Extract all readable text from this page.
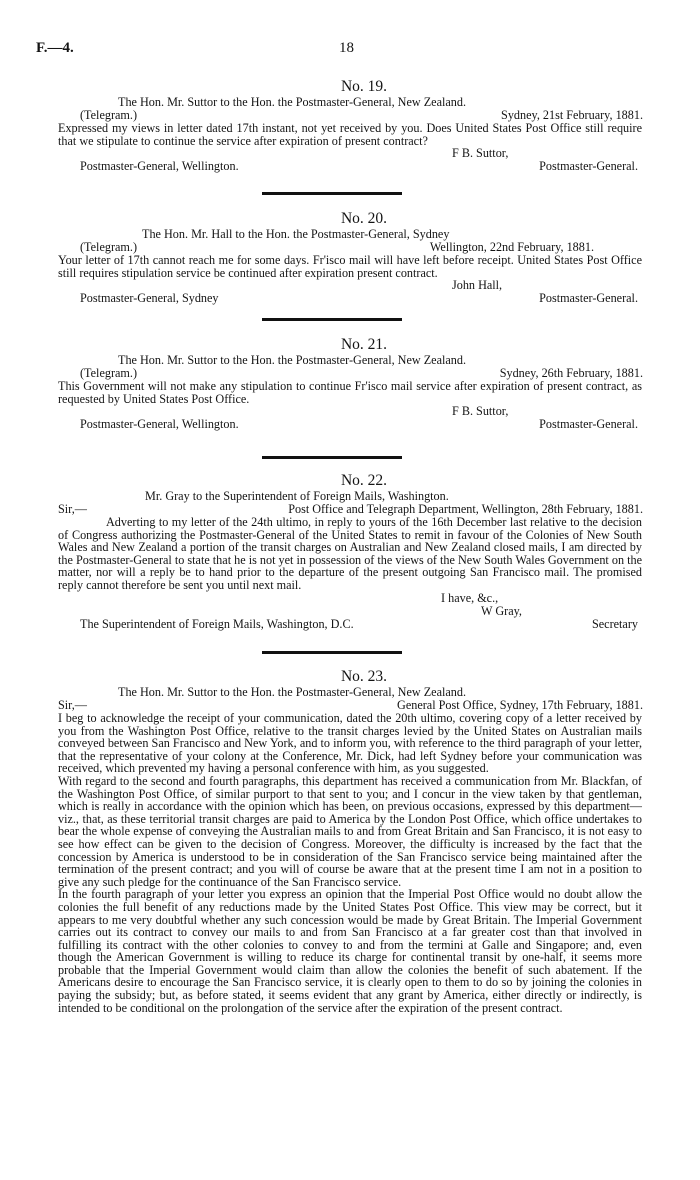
F.—4.	18
No. 19.
The Hon. Mr. Suttor to the Hon. the Postmaster-General, New Zealand.
(Telegram.)	Sydney, 21st February, 1881.
Expressed my views in letter dated 17th instant, not yet received by you. Does United States Post Office still require that we stipulate to continue the service after expiration of present contract?
F B. Suttor,
Postmaster-General, Wellington.	Postmaster-General.
No. 20.
The Hon. Mr. Hall to the Hon. the Postmaster-General, Sydney
(Telegram.)	Wellington, 22nd February, 1881.
Your letter of 17th cannot reach me for some days. Fr'isco mail will have left before receipt. United States Post Office still requires stipulation service be continued after expiration present contract.
John Hall,
Postmaster-General, Sydney	Postmaster-General.
No. 21.
The Hon. Mr. Suttor to the Hon. the Postmaster-General, New Zealand.
(Telegram.)	Sydney, 26th February, 1881.
This Government will not make any stipulation to continue Fr'isco mail service after expiration of present contract, as requested by United States Post Office.
F B. Suttor,
Postmaster-General, Wellington.	Postmaster-General.
No. 22.
Mr. Gray to the Superintendent of Foreign Mails, Washington.
Sir,—	Post Office and Telegraph Department, Wellington, 28th February, 1881.
Adverting to my letter of the 24th ultimo, in reply to yours of the 16th December last relative to the decision of Congress authorizing the Postmaster-General of the United States to remit in favour of the Colonies of New South Wales and New Zealand a portion of the transit charges on Australian and New Zealand closed mails, I am directed by the Postmaster-General to state that he is not yet in possession of the views of the New South Wales Government on the matter, nor will a reply be to hand prior to the departure of the present outgoing San Francisco mail. The promised reply cannot therefore be sent you until next mail.
I have, &c.,
W Gray,
The Superintendent of Foreign Mails, Washington, D.C.	Secretary
No. 23.
The Hon. Mr. Suttor to the Hon. the Postmaster-General, New Zealand.
Sir,—	General Post Office, Sydney, 17th February, 1881.

I beg to acknowledge the receipt of your communication, dated the 20th ultimo, covering copy of a letter received by you from the Washington Post Office, relative to the transit charges levied by the United States on Australian mails conveyed between San Francisco and New York, and to inform you, with reference to the third paragraph of your letter, that the representative of your colony at the Conference, Mr. Dick, had left Sydney before your communication was received, which prevented my having a personal conference with him, as you suggested.

With regard to the second and fourth paragraphs, this department has received a communication from Mr. Blackfan, of the Washington Post Office, of similar purport to that sent to you; and I concur in the view taken by that gentleman, which is really in accordance with the opinion which has been, on previous occasions, expressed by this department—viz., that, as these territorial transit charges are paid to America by the London Post Office, which office undertakes to bear the whole expense of conveying the Australian mails to and from Great Britain and San Francisco, it is not easy to see how effect can be given to the decision of Congress. Moreover, the difficulty is increased by the fact that the concession by America is understood to be in consideration of the San Francisco service being maintained after the termination of the present contract; and you will of course be aware that at the present time I am not in a position to give any such pledge for the continuance of the San Francisco service.

In the fourth paragraph of your letter you express an opinion that the Imperial Post Office would no doubt allow the colonies the full benefit of any reductions made by the United States Post Office. This view may be correct, but it appears to me very doubtful whether any such concession would be made by Great Britain. The Imperial Government carries out its contract to convey our mails to and from San Francisco at a far greater cost than that involved in fulfilling its contract with the other colonies to convey to and from the termini at Galle and Singapore; and, even though the American Government is willing to reduce its charge for continental transit by one-half, it seems more probable that the Imperial Government would claim than allow the colonies the benefit of such abatement. If the Americans desire to encourage the San Francisco service, it is clearly open to them to do so by joining the colonies in paying the subsidy; but, as before stated, it seems evident that any grant by America, either directly or indirectly, is intended to be conditional on the prolongation of the service after the expiration of the present contract.
